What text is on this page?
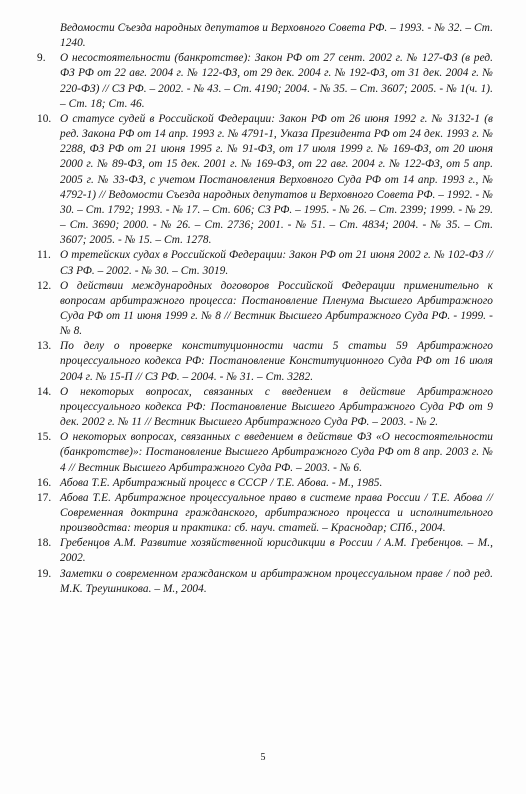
Ведомости Съезда народных депутатов и Верховного Совета РФ. – 1993. - № 32. – Ст. 1240.
9.	О несостоятельности (банкротстве): Закон РФ от 27 сент. 2002 г. № 127-ФЗ (в ред. ФЗ РФ от 22 авг. 2004 г. № 122-ФЗ, от 29 дек. 2004 г. № 192-ФЗ, от 31 дек. 2004 г. № 220-ФЗ) // СЗ РФ. – 2002. - № 43. – Ст. 4190; 2004. - № 35. – Ст. 3607; 2005. - № 1(ч. 1). – Ст. 18; Ст. 46.
10. О статусе судей в Российской Федерации: Закон РФ от 26 июня 1992 г. № 3132-1 (в ред. Закона РФ от 14 апр. 1993 г. № 4791-1, Указа Президента РФ от 24 дек. 1993 г. № 2288, ФЗ РФ от 21 июня 1995 г. № 91-ФЗ, от 17 июля 1999 г. № 169-ФЗ, от 20 июня 2000 г. № 89-ФЗ, от 15 дек. 2001 г. № 169-ФЗ, от 22 авг. 2004 г. № 122-ФЗ, от 5 апр. 2005 г. № 33-ФЗ, с учетом Постановления Верховного Суда РФ от 14 апр. 1993 г., № 4792-1) // Ведомости Съезда народных депутатов и Верховного Совета РФ. – 1992. - № 30. – Ст. 1792; 1993. - № 17. – Ст. 606; СЗ РФ. – 1995. - № 26. – Ст. 2399; 1999. - № 29. – Ст. 3690; 2000. - № 26. – Ст. 2736; 2001. - № 51. – Ст. 4834; 2004. - № 35. – Ст. 3607; 2005. - № 15. – Ст. 1278.
11. О третейских судах в Российской Федерации: Закон РФ от 21 июня 2002 г. № 102-ФЗ // СЗ РФ. – 2002. - № 30. – Ст. 3019.
12. О действии международных договоров Российской Федерации применительно к вопросам арбитражного процесса: Постановление Пленума Высшего Арбитражного Суда РФ от 11 июня 1999 г. № 8 // Вестник Высшего Арбитражного Суда РФ. - 1999. - № 8.
13. По делу о проверке конституционности части 5 статьи 59 Арбитражного процессуального кодекса РФ: Постановление Конституционного Суда РФ от 16 июля 2004 г. № 15-П // СЗ РФ. – 2004. - № 31. – Ст. 3282.
14. О некоторых вопросах, связанных с введением в действие Арбитражного процессуального кодекса РФ: Постановление Высшего Арбитражного Суда РФ от 9 дек. 2002 г. № 11 // Вестник Высшего Арбитражного Суда РФ. – 2003. - № 2.
15. О некоторых вопросах, связанных с введением в действие ФЗ «О несостоятельности (банкротстве)»: Постановление Высшего Арбитражного Суда РФ от 8 апр. 2003 г. № 4 // Вестник Высшего Арбитражного Суда РФ. – 2003. - № 6.
16. Абова Т.Е. Арбитражный процесс в СССР / Т.Е. Абова. - М., 1985.
17. Абова Т.Е. Арбитражное процессуальное право в системе права России / Т.Е. Абова // Современная доктрина гражданского, арбитражного процесса и исполнительного производства: теория и практика: сб. науч. статей. – Краснодар; СПб., 2004.
18. Гребенцов А.М. Развитие хозяйственной юрисдикции в России / А.М. Гребенцов. – М., 2002.
19. Заметки о современном гражданском и арбитражном процессуальном праве / под ред. М.К. Треушникова. – М., 2004.
5
